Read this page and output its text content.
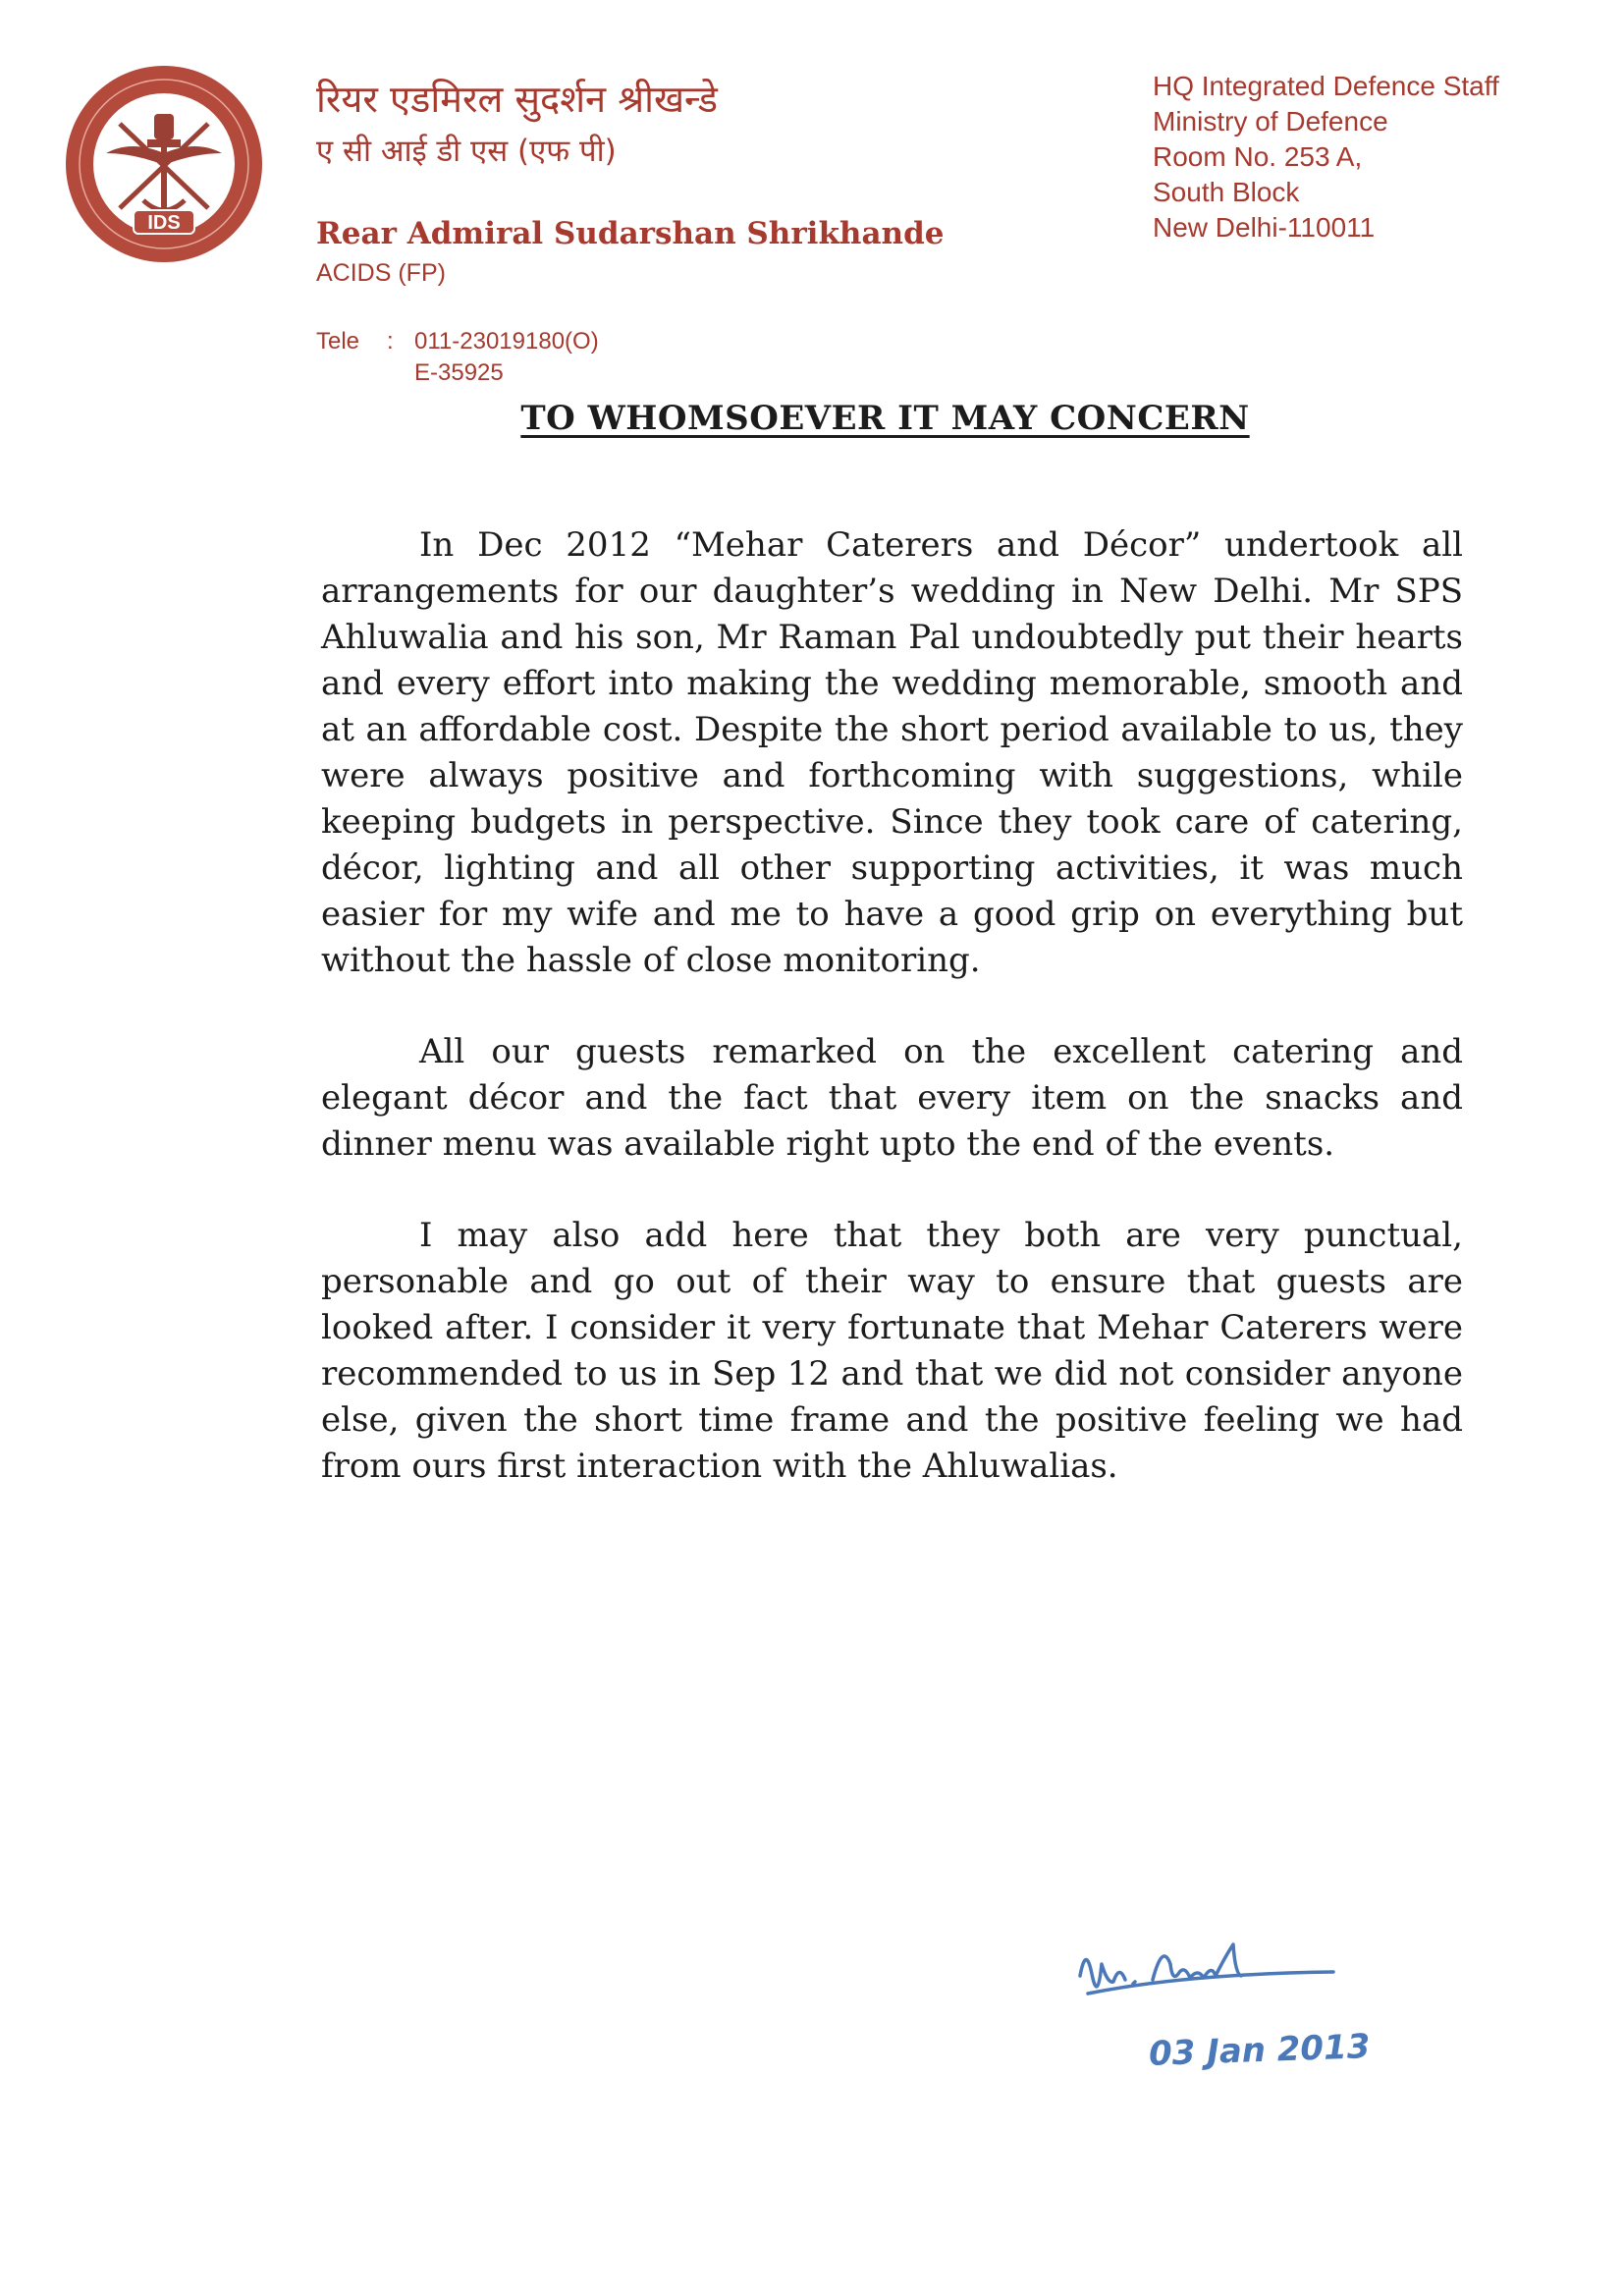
IDS
रियर एडमिरल सुदर्शन श्रीखन्डे
ए सी आई डी एस (एफ पी)
Rear Admiral Sudarshan Shrikhande
ACIDS (FP)
HQ Integrated Defence Staff
Ministry of Defence
Room No. 253 A,
South Block
New Delhi-110011
Tele	: 011-23019180(O)
E-35925
TO WHOMSOEVER IT MAY CONCERN

In Dec 2012 “Mehar Caterers and Décor” undertook all arrangements for our daughter’s wedding in New Delhi. Mr SPS Ahluwalia and his son, Mr Raman Pal undoubtedly put their hearts and every effort into making the wedding memorable, smooth and at an affordable cost. Despite the short period available to us, they were always positive and forthcoming with suggestions, while keeping budgets in perspective. Since they took care of catering, décor, lighting and all other supporting activities, it was much easier for my wife and me to have a good grip on everything but without the hassle of close monitoring.

All our guests remarked on the excellent catering and elegant décor and the fact that every item on the snacks and dinner menu was available right upto the end of the events.

I may also add here that they both are very punctual, personable and go out of their way to ensure that guests are looked after. I consider it very fortunate that Mehar Caterers were recommended to us in Sep 12 and that we did not consider anyone else, given the short time frame and the positive feeling we had from ours first interaction with the Ahluwalias.

03 Jan 2013
